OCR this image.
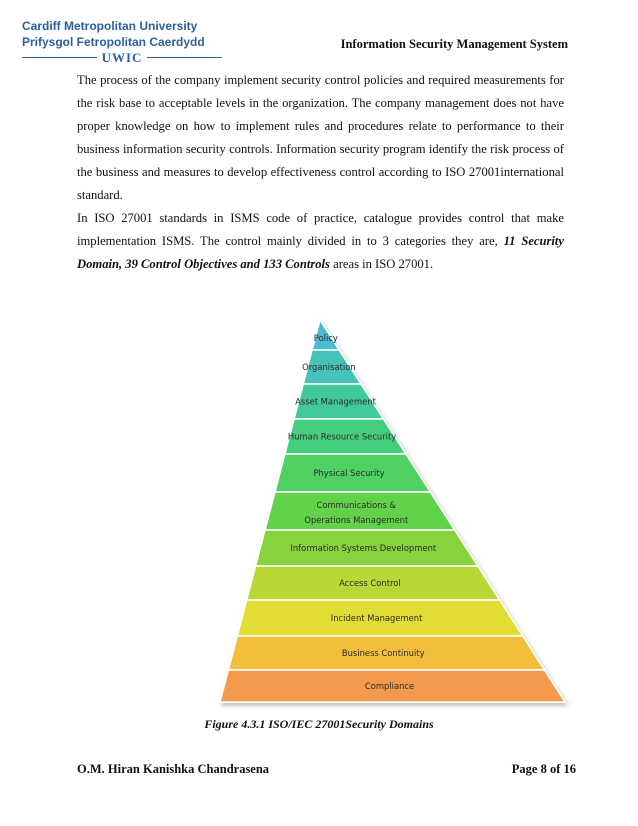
Cardiff Metropolitan University
Prifysgol Fetropolitan Caerdydd
UWIC
Information Security Management System

The process of the company implement security control policies and required measurements for the risk base to acceptable levels in the organization. The company management does not have proper knowledge on how to implement rules and procedures relate to performance to their business information security controls. Information security program identify the risk process of the business and measures to develop effectiveness control according to ISO 27001international standard.

In ISO 27001 standards in ISMS code of practice, catalogue provides control that make implementation ISMS. The control mainly divided in to 3 categories they are, 11 Security Domain, 39 Control Objectives and 133 Controls areas in ISO 27001.

Policy
Organisation
Asset Management
Human Resource Security
Physical Security
Communications &
Operations Management
Information Systems Development
Access Control
Incident Management
Business Continuity
Compliance
Figure 4.3.1 ISO/IEC 27001Security Domains
O.M. Hiran Kanishka Chandrasena	Page 8 of 16
